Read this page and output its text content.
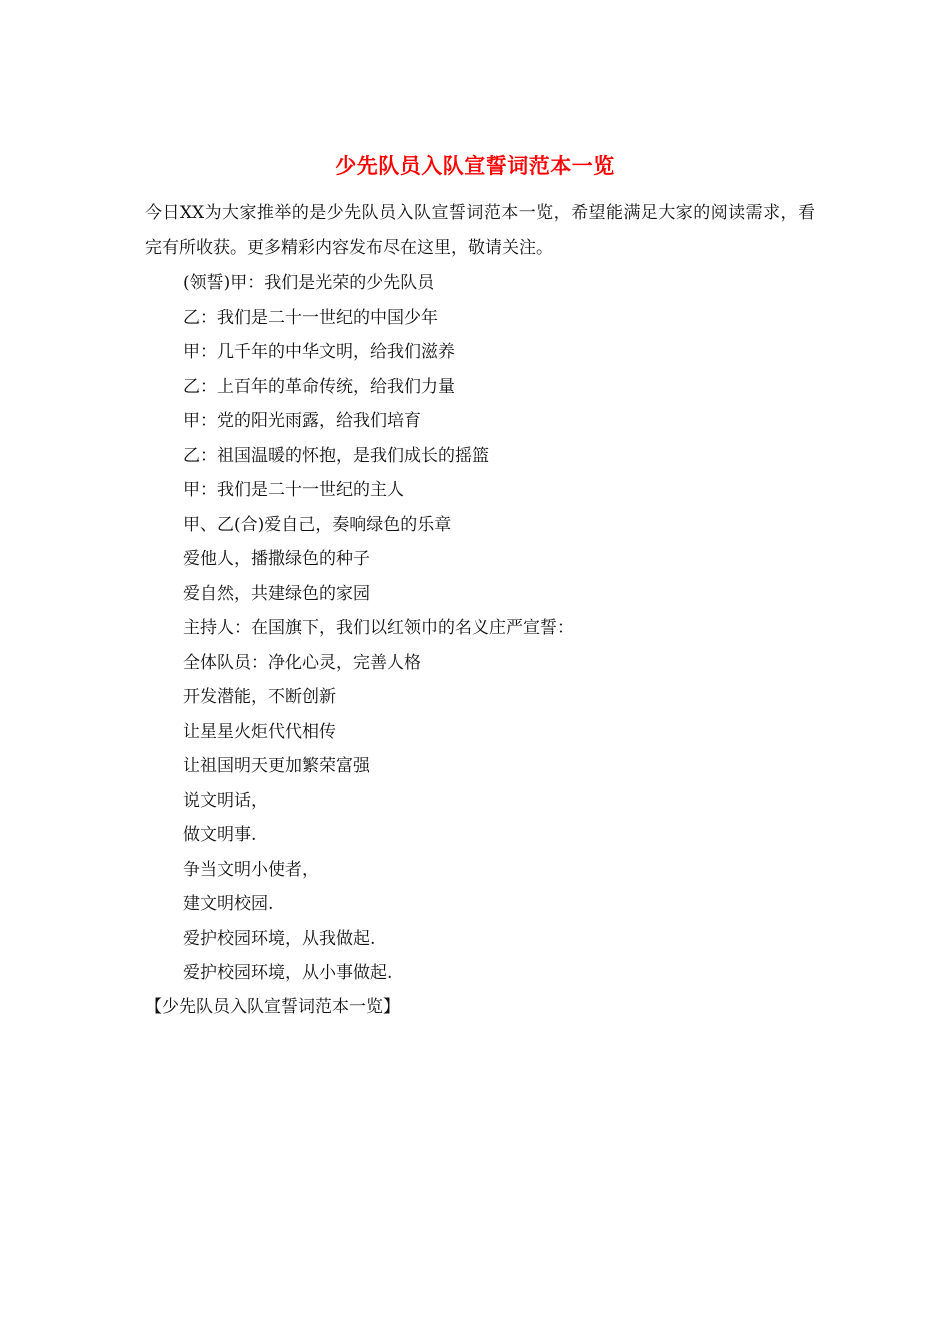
少先队员入队宣誓词范本一览

今日XX为大家推举的是少先队员入队宣誓词范本一览，希望能满足大家的阅读需求，看完有所收获。更多精彩内容发布尽在这里，敬请关注。

(领誓)甲：我们是光荣的少先队员
乙：我们是二十一世纪的中国少年
甲：几千年的中华文明，给我们滋养
乙：上百年的革命传统，给我们力量
甲：党的阳光雨露，给我们培育
乙：祖国温暖的怀抱，是我们成长的摇篮
甲：我们是二十一世纪的主人
甲、乙(合)爱自己，奏响绿色的乐章
爱他人，播撒绿色的种子
爱自然，共建绿色的家园
主持人：在国旗下，我们以红领巾的名义庄严宣誓：
全体队员：净化心灵，完善人格
开发潜能，不断创新
让星星火炬代代相传
让祖国明天更加繁荣富强
说文明话，
做文明事.
争当文明小使者，
建文明校园.
爱护校园环境，从我做起.
爱护校园环境，从小事做起.

【少先队员入队宣誓词范本一览】
